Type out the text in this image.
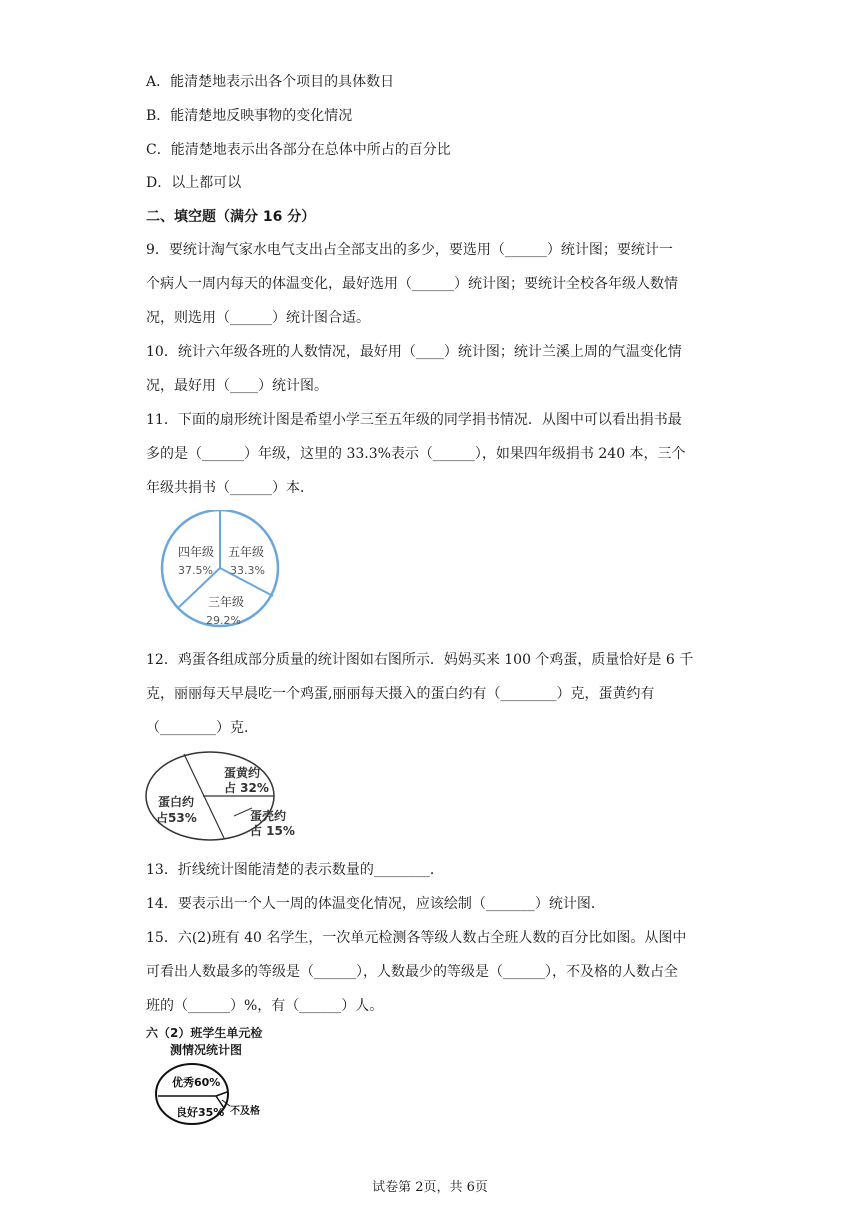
A．能清楚地表示出各个项目的具体数日
B．能清楚地反映事物的变化情况
C．能清楚地表示出各部分在总体中所占的百分比
D．以上都可以
二、填空题（满分 16 分）
9．要统计淘气家水电气支出占全部支出的多少，要选用（______）统计图；要统计一
个病人一周内每天的体温变化，最好选用（______）统计图；要统计全校各年级人数情
况，则选用（______）统计图合适。
10．统计六年级各班的人数情况，最好用（____）统计图；统计兰溪上周的气温变化情
况，最好用（____）统计图。
11．下面的扇形统计图是希望小学三至五年级的同学捐书情况．从图中可以看出捐书最
多的是（______）年级，这里的 33.3%表示（______），如果四年级捐书 240 本，三个
年级共捐书（______）本．
四年级
37.5%
五年级
33.3%
三年级
29.2%
12．鸡蛋各组成部分质量的统计图如右图所示．妈妈买来 100 个鸡蛋，质量恰好是 6 千
克，丽丽每天早晨吃一个鸡蛋,丽丽每天摄入的蛋白约有（________）克，蛋黄约有
（________）克．
蛋黄约
占 32%
蛋白约
占53%	蛋壳约
占 15%
13．折线统计图能清楚的表示数量的________．
14．要表示出一个人一周的体温变化情况，应该绘制（_______）统计图．
15．六(2)班有 40 名学生，一次单元检测各等级人数占全班人数的百分比如图。从图中
可看出人数最多的等级是（______），人数最少的等级是（______），不及格的人数占全
班的（______）%，有（______）人。
六（2）班学生单元检
测情况统计图
优秀60%
良好35% 不及格
试卷第 2页，共 6页
